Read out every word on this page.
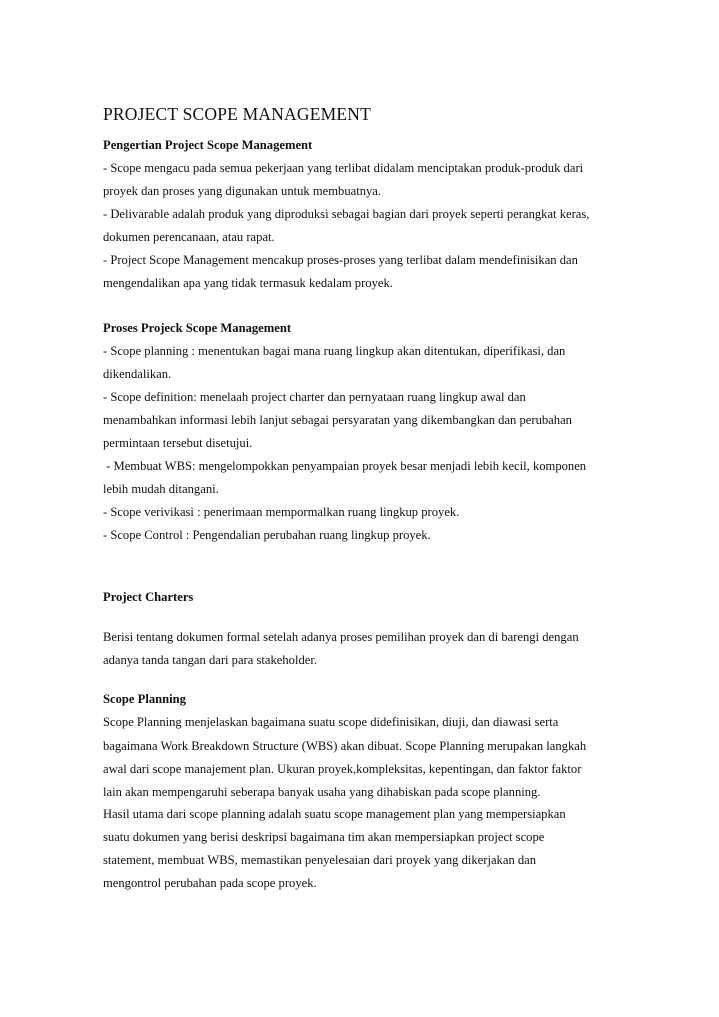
PROJECT SCOPE MANAGEMENT
Pengertian Project Scope Management
- Scope mengacu pada semua pekerjaan yang terlibat didalam menciptakan produk-produk dari
proyek dan proses yang digunakan untuk membuatnya.
- Delivarable adalah produk yang diproduksi sebagai bagian dari proyek seperti perangkat keras,
dokumen perencanaan, atau rapat.
- Project Scope Management mencakup proses-proses yang terlibat dalam mendefinisikan dan
mengendalikan apa yang tidak termasuk kedalam proyek.
Proses Projeck Scope Management
- Scope planning : menentukan bagai mana ruang lingkup akan ditentukan, diperifikasi, dan
dikendalikan.
- Scope definition: menelaah project charter dan pernyataan ruang lingkup awal dan
menambahkan informasi lebih lanjut sebagai persyaratan yang dikembangkan dan perubahan
permintaan tersebut disetujui.
- Membuat WBS: mengelompokkan penyampaian proyek besar menjadi lebih kecil, komponen
lebih mudah ditangani.
- Scope verivikasi : penerimaan mempormalkan ruang lingkup proyek.
- Scope Control : Pengendalian perubahan ruang lingkup proyek.
Project Charters
Berisi tentang dokumen formal setelah adanya proses pemilihan proyek dan di barengi dengan
adanya tanda tangan dari para stakeholder.
Scope Planning
Scope Planning menjelaskan bagaimana suatu scope didefinisikan, diuji, dan diawasi serta
bagaimana Work Breakdown Structure (WBS) akan dibuat. Scope Planning merupakan langkah
awal dari scope manajement plan. Ukuran proyek,kompleksitas, kepentingan, dan faktor faktor
lain akan mempengaruhi seberapa banyak usaha yang dihabiskan pada scope planning.
Hasil utama dari scope planning adalah suatu scope management plan yang mempersiapkan
suatu dokumen yang berisi deskripsi bagaimana tim akan mempersiapkan project scope
statement, membuat WBS, memastikan penyelesaian dari proyek yang dikerjakan dan
mengontrol perubahan pada scope proyek.
